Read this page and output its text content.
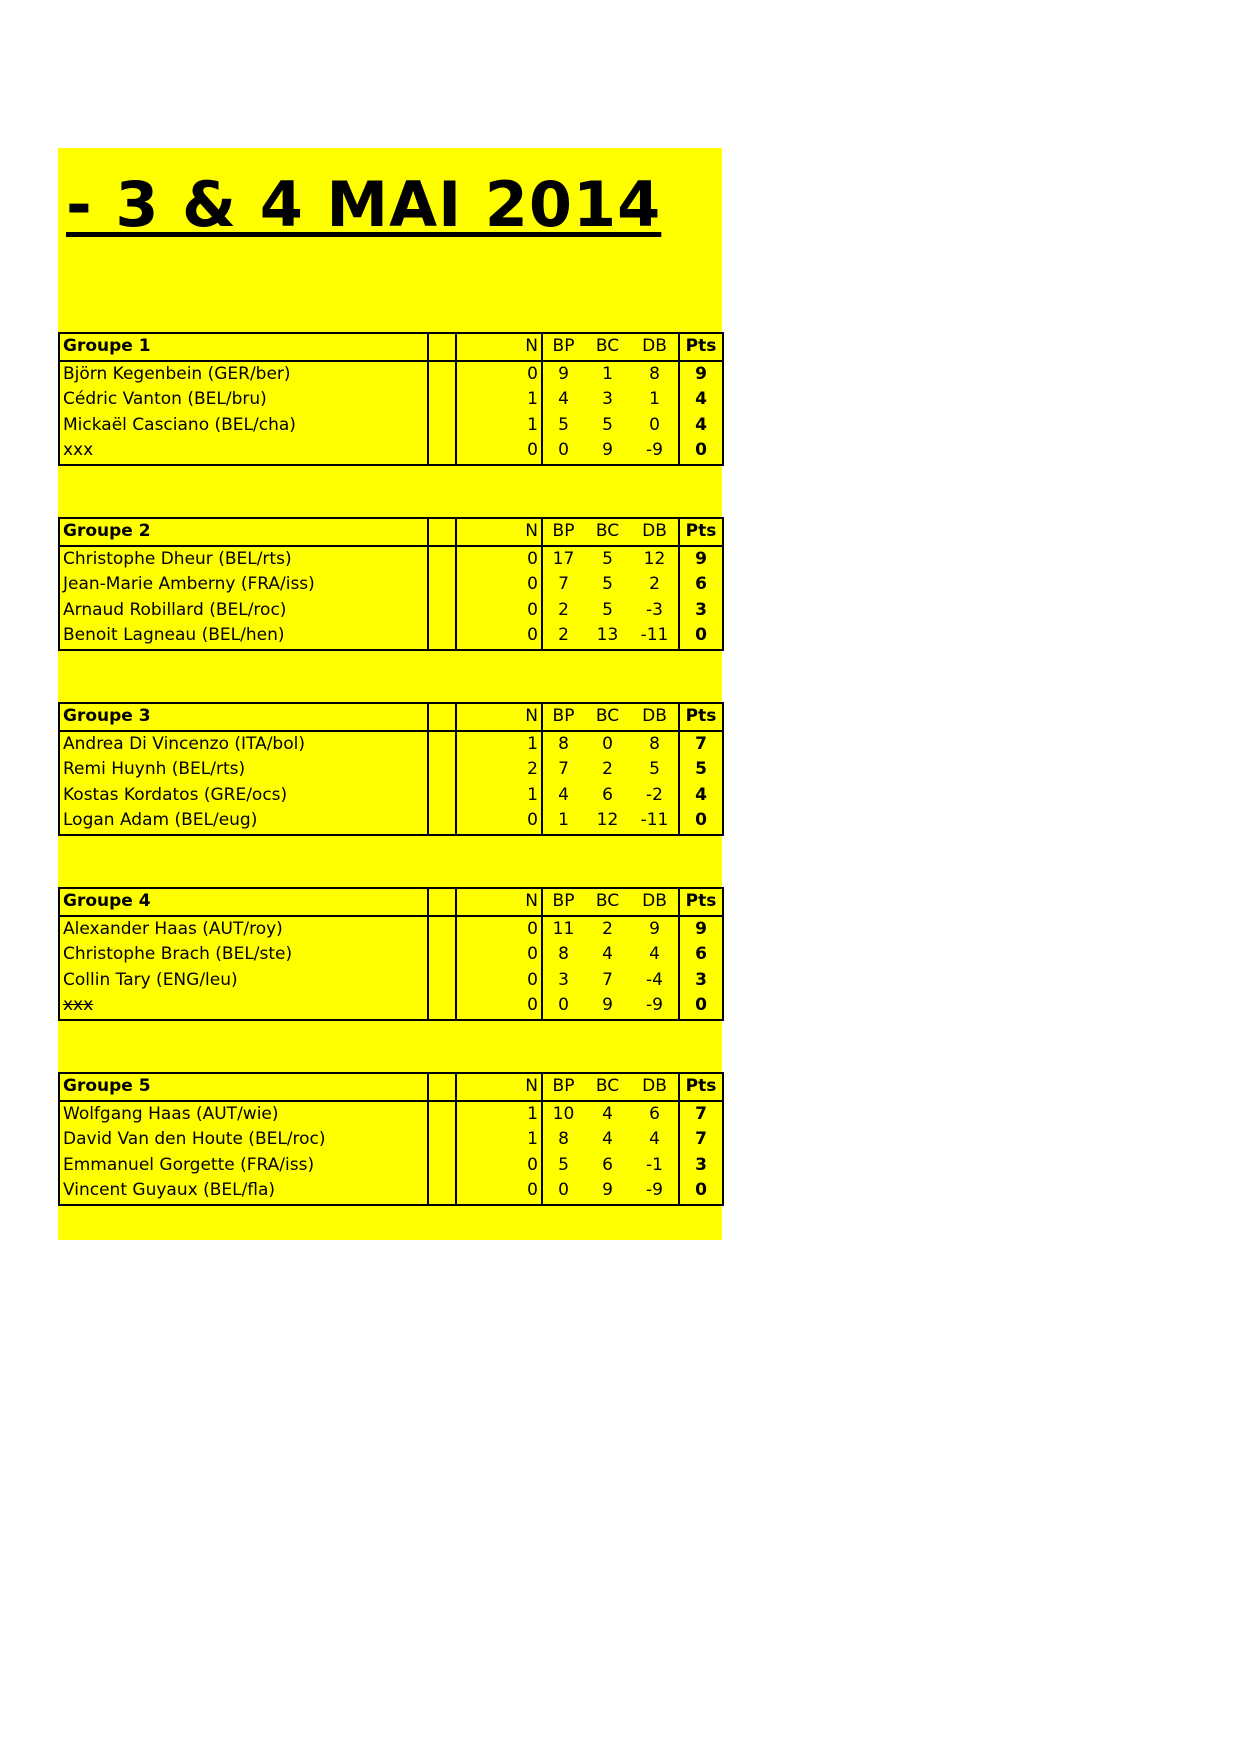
- 3 & 4 MAI 2014
Groupe 1		N	BP	BC	DB	Pts
Björn Kegenbein (GER/ber)		0	9	1	8	9
Cédric Vanton (BEL/bru)		1	4	3	1	4
Mickaël Casciano (BEL/cha)		1	5	5	0	4
xxx		0	0	9	-9	0
Groupe 2		N	BP	BC	DB	Pts
Christophe Dheur (BEL/rts)		0	17	5	12	9
Jean-Marie Amberny (FRA/iss)		0	7	5	2	6
Arnaud Robillard (BEL/roc)		0	2	5	-3	3
Benoit Lagneau (BEL/hen)		0	2	13	-11	0
Groupe 3		N	BP	BC	DB	Pts
Andrea Di Vincenzo (ITA/bol)		1	8	0	8	7
Remi Huynh (BEL/rts)		2	7	2	5	5
Kostas Kordatos (GRE/ocs)		1	4	6	-2	4
Logan Adam (BEL/eug)		0	1	12	-11	0
Groupe 4		N	BP	BC	DB	Pts
Alexander Haas (AUT/roy)		0	11	2	9	9
Christophe Brach (BEL/ste)		0	8	4	4	6
Collin Tary (ENG/leu)		0	3	7	-4	3
xxx		0	0	9	-9	0
Groupe 5		N	BP	BC	DB	Pts
Wolfgang Haas (AUT/wie)		1	10	4	6	7
David Van den Houte (BEL/roc)		1	8	4	4	7
Emmanuel Gorgette (FRA/iss)		0	5	6	-1	3
Vincent Guyaux (BEL/fla)		0	0	9	-9	0
